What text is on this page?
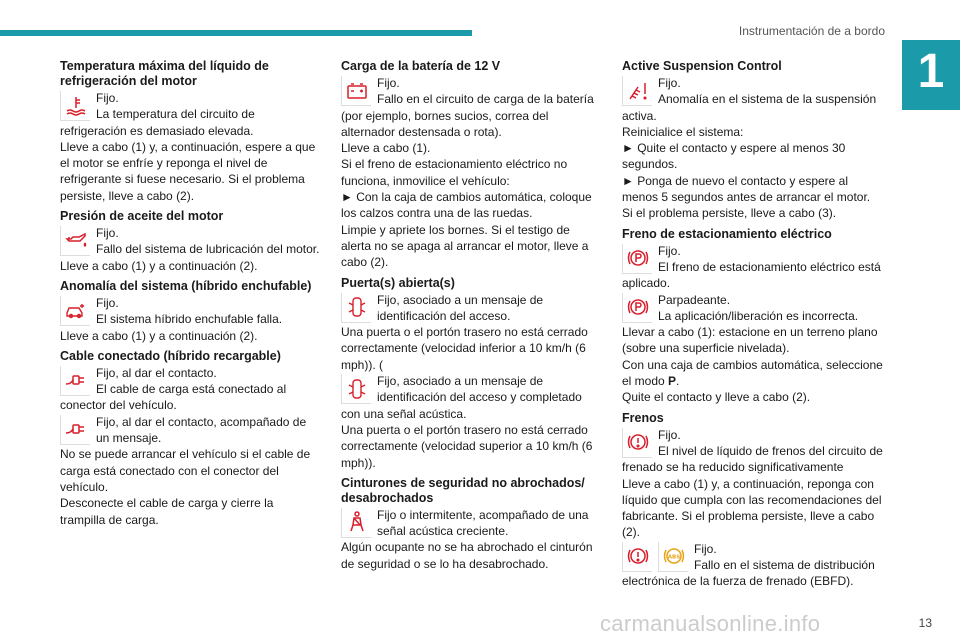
Instrumentación de a bordo
1
Temperatura máxima del líquido de refrigeración del motor
Fijo.
La temperatura del circuito de refrigeración es demasiado elevada.

Lleve a cabo (1) y, a continuación, espere a que el motor se enfríe y reponga el nivel de refrigerante si fuese necesario. Si el problema persiste, lleve a cabo (2).

Presión de aceite del motor
Fijo.
Fallo del sistema de lubricación del motor.

Lleve a cabo (1) y a continuación (2).

Anomalía del sistema (híbrido enchufable)
Fijo.
El sistema híbrido enchufable falla.

Lleve a cabo (1) y a continuación (2).

Cable conectado (híbrido recargable)
Fijo, al dar el contacto.
El cable de carga está conectado al conector del vehículo.
Fijo, al dar el contacto, acompañado de un mensaje.

No se puede arrancar el vehículo si el cable de carga está conectado con el conector del vehículo.

Desconecte el cable de carga y cierre la trampilla de carga.

Carga de la batería de 12 V
Fijo.
Fallo en el circuito de carga de la batería (por ejemplo, bornes sucios, correa del alternador destensada o rota).

Lleve a cabo (1).

Si el freno de estacionamiento eléctrico no funciona, inmovilice el vehículo:

► Con la caja de cambios automática, coloque los calzos contra una de las ruedas.

Limpie y apriete los bornes. Si el testigo de alerta no se apaga al arrancar el motor, lleve a cabo (2).

Puerta(s) abierta(s)
Fijo, asociado a un mensaje de identificación del acceso.

Una puerta o el portón trasero no está cerrado correctamente (velocidad inferior a 10 km/h (6 mph)). (

Fijo, asociado a un mensaje de identificación del acceso y completado con una señal acústica.

Una puerta o el portón trasero no está cerrado correctamente (velocidad superior a 10 km/h (6 mph)).

Cinturones de seguridad no abrochados/ desabrochados
Fijo o intermitente, acompañado de una señal acústica creciente.

Algún ocupante no se ha abrochado el cinturón de seguridad o se lo ha desabrochado.

Active Suspension Control
Fijo.
Anomalía en el sistema de la suspensión activa.

Reinicialice el sistema:

► Quite el contacto y espere al menos 30 segundos.

► Ponga de nuevo el contacto y espere al menos 5 segundos antes de arrancar el motor.

Si el problema persiste, lleve a cabo (3).

Freno de estacionamiento eléctrico
Fijo.
El freno de estacionamiento eléctrico está aplicado.
Parpadeante.
La aplicación/liberación es incorrecta.

Llevar a cabo (1): estacione en un terreno plano (sobre una superficie nivelada).

Con una caja de cambios automática, seleccione el modo P.

Quite el contacto y lleve a cabo (2).

Frenos
Fijo.
El nivel de líquido de frenos del circuito de frenado se ha reducido significativamente

Lleve a cabo (1) y, a continuación, reponga con líquido que cumpla con las recomendaciones del fabricante. Si el problema persiste, lleve a cabo (2).

ABS
Fijo.
Fallo en el sistema de distribución electrónica de la fuerza de frenado (EBFD).
carmanualsonline.info	13
